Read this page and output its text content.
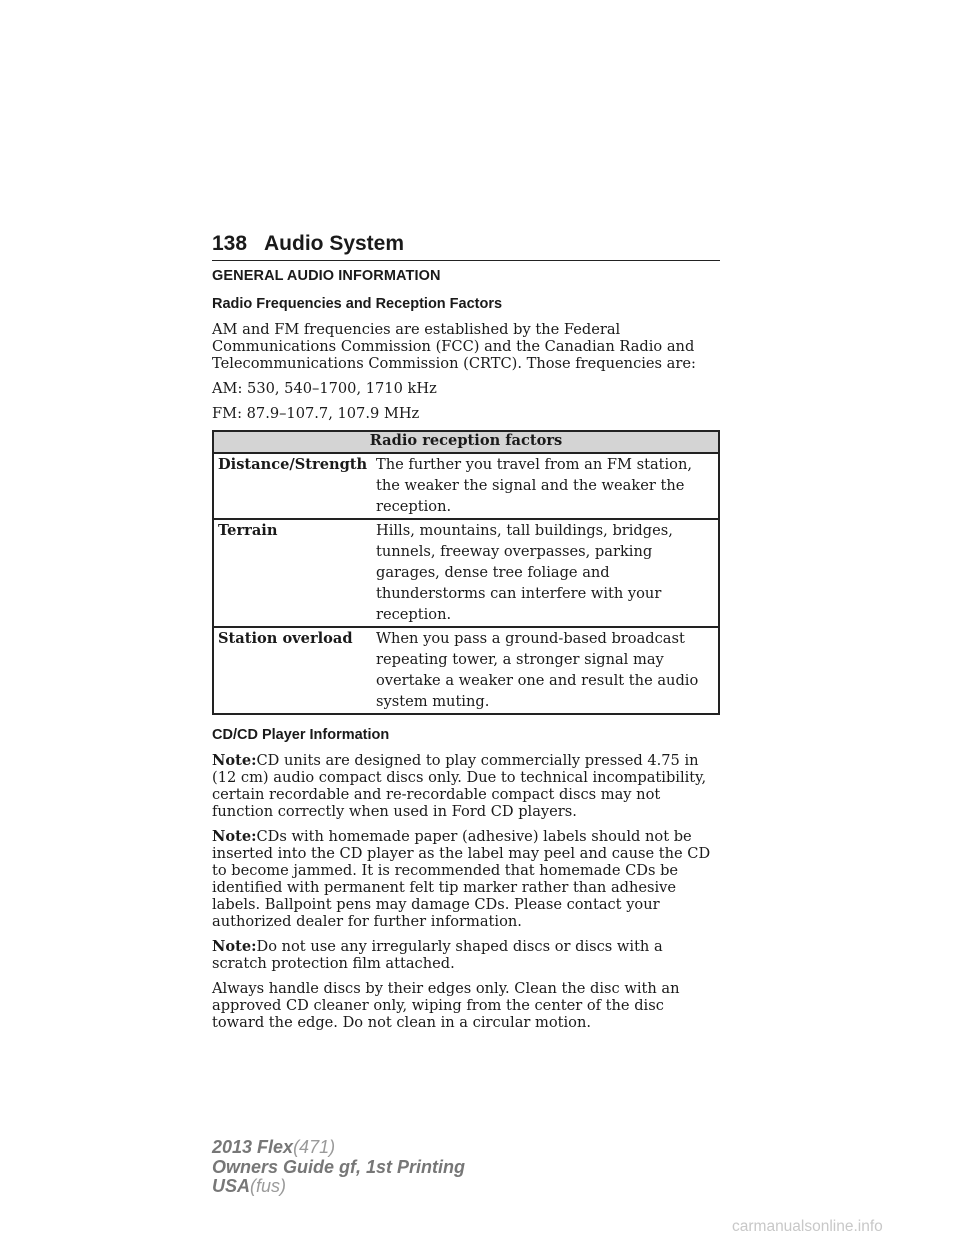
138 Audio System
GENERAL AUDIO INFORMATION
Radio Frequencies and Reception Factors

AM and FM frequencies are established by the Federal Communications Commission (FCC) and the Canadian Radio and Telecommunications Commission (CRTC). Those frequencies are:

AM: 530, 540–1700, 1710 kHz

FM: 87.9–107.7, 107.9 MHz

Radio reception factors	
Distance/Strength	The further you travel from an FM station, the weaker the signal and the weaker the reception.
Terrain	Hills, mountains, tall buildings, bridges, tunnels, freeway overpasses, parking garages, dense tree foliage and thunderstorms can interfere with your reception.
Station overload	When you pass a ground-based broadcast repeating tower, a stronger signal may overtake a weaker one and result the audio system muting.
CD/CD Player Information

Note:CD units are designed to play commercially pressed 4.75 in (12 cm) audio compact discs only. Due to technical incompatibility, certain recordable and re-recordable compact discs may not function correctly when used in Ford CD players.

Note:CDs with homemade paper (adhesive) labels should not be inserted into the CD player as the label may peel and cause the CD to become jammed. It is recommended that homemade CDs be identified with permanent felt tip marker rather than adhesive labels. Ballpoint pens may damage CDs. Please contact your authorized dealer for further information.

Note:Do not use any irregularly shaped discs or discs with a scratch protection film attached.

Always handle discs by their edges only. Clean the disc with an approved CD cleaner only, wiping from the center of the disc toward the edge. Do not clean in a circular motion.

2013 Flex(471)
Owners Guide gf, 1st Printing
USA(fus)
carmanualsonline.info
